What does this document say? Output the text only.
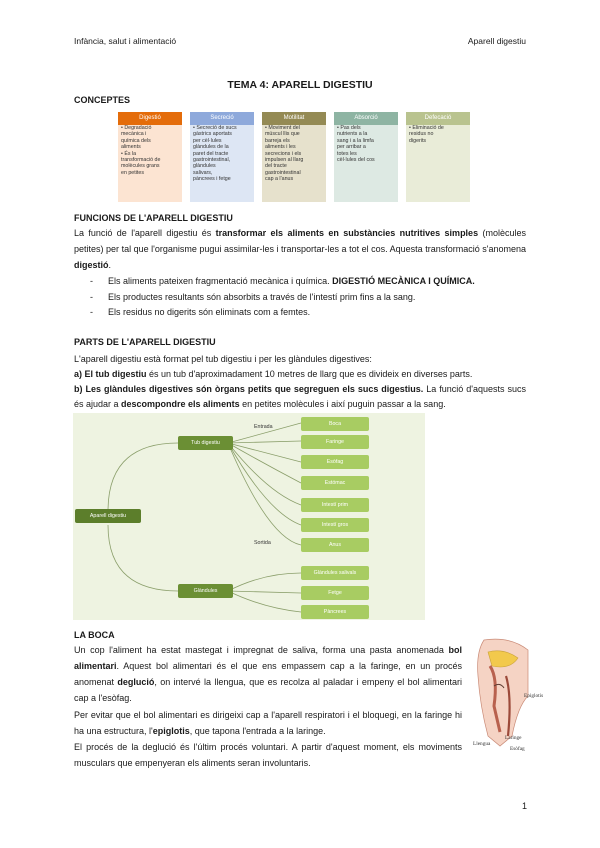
Infància, salut i alimentació	Aparell digestiu
TEMA 4: APARELL DIGESTIU
CONCEPTES
Digestió
• Degradació
mecànica i
química dels
aliments
• És la
transformació de
molècules grans
en petites
Secreció
• Secreció de sucs
gàstrics aportats
per cèl·lules
glàndules de la
paret del tracte
gastrointestinal,
glàndules
salivars,
pàncrees i fetge
Motilitat
• Moviment del
múscul llis que
barreja els
aliments i les
secrecions i els
impulsen al llarg
del tracte
gastrointestinal
cap a l'anus
Absorció
• Pas dels
nutrients a la
sang i a la limfa
per arribar a
totes les
cèl·lules del cos
Defecació
• Eliminació de
residus no
digerits
FUNCIONS DE L'APARELL DIGESTIU
La funció de l'aparell digestiu és transformar els aliments en substàncies nutritives simples (molècules petites) per tal que l'organisme pugui assimilar-les i transportar-les a tot el cos. Aquesta transformació s'anomena digestió.
- Els aliments pateixen fragmentació mecànica i química. DIGESTIÓ MECÀNICA I QUÍMICA.
- Els productes resultants són absorbits a través de l'intestí prim fins a la sang.
- Els residus no digerits són eliminats com a femtes.
PARTS DE L'APARELL DIGESTIU
L'aparell digestiu està format pel tub digestiu i per les glàndules digestives:
a) El tub digestiu és un tub d'aproximadament 10 metres de llarg que es divideix en diverses parts.
b) Les glàndules digestives són òrgans petits que segreguen els sucs digestius. La funció d'aquests sucs és ajudar a descompondre els aliments en petites molècules i així puguin passar a la sang.
Aparell digestiu
Tub digestiu
Glàndules
Entrada
Sortida
Boca
Faringe
Esòfag
Estómac
Intestí prim
Intestí gros
Anus
Glàndules salivals
Fetge
Pàncrees
LA BOCA
Un cop l'aliment ha estat mastegat i impregnat de saliva, forma una pasta anomenada bol alimentari. Aquest bol alimentari és el que ens empassem cap a la faringe, en un procés anomenat deglució, on intervé la llengua, que es recolza al paladar i empeny el bol alimentari cap a l'esòfag.
Per evitar que el bol alimentari es dirigeixi cap a l'aparell respiratori i el bloquegi, en la faringe hi ha una estructura, l'epiglotis, que tapona l'entrada a la laringe.
El procés de la deglució és l'últim procés voluntari. A partir d'aquest moment, els moviments musculars que empenyeran els aliments seran involuntaris.
Epiglotis
Laringe
Llengua
Esòfag
1
